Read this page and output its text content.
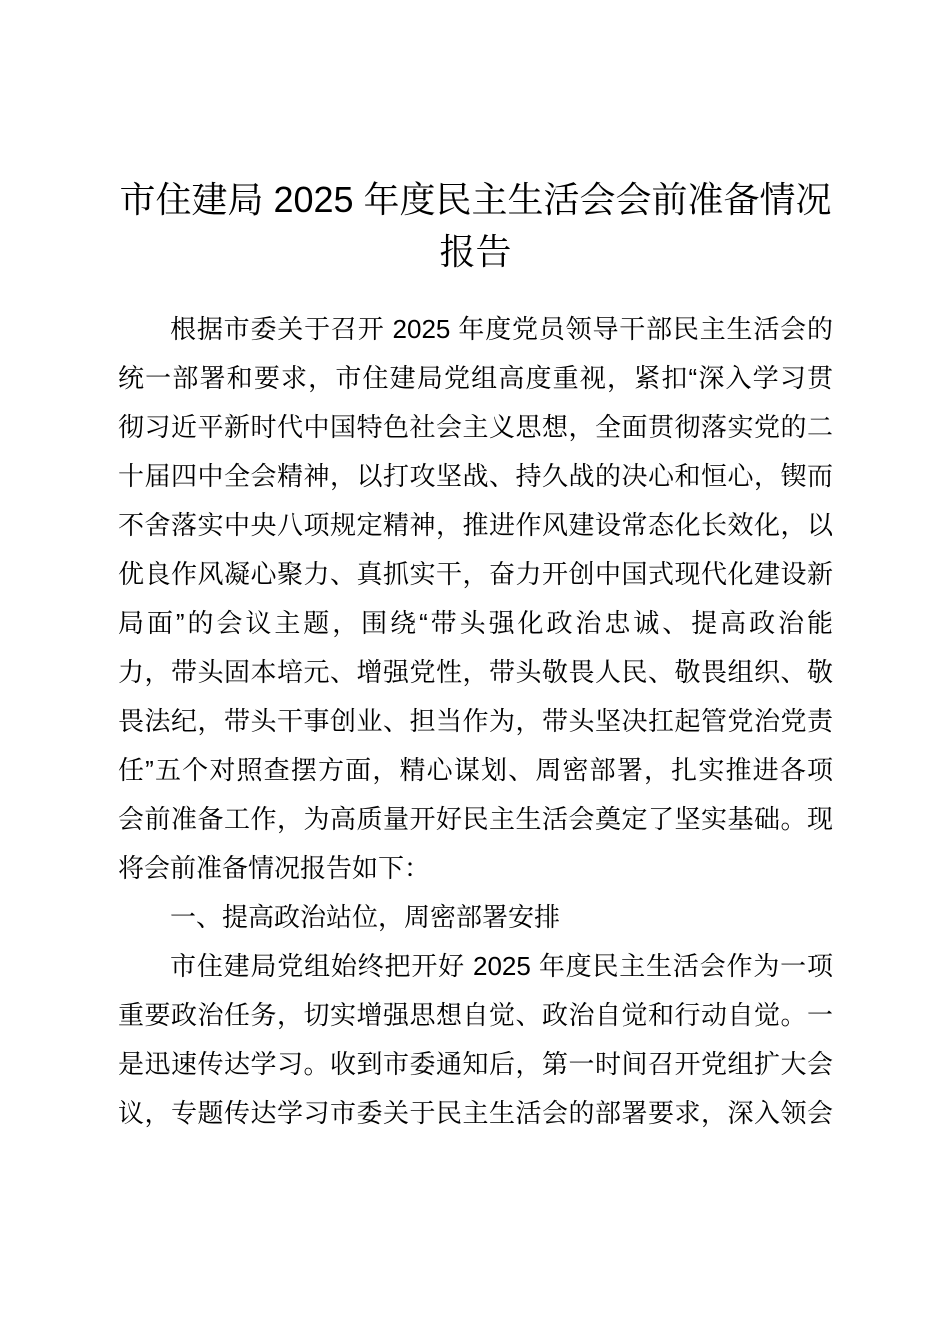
市住建局 2025 年度民主生活会会前准备情况
报告
根据市委关于召开 2025 年度党员领导干部民主生活会的
统一部署和要求，市住建局党组高度重视，紧扣“深入学习贯
彻习近平新时代中国特色社会主义思想，全面贯彻落实党的二
十届四中全会精神，以打攻坚战、持久战的决心和恒心，锲而
不舍落实中央八项规定精神，推进作风建设常态化长效化，以
优良作风凝心聚力、真抓实干，奋力开创中国式现代化建设新
局面”的会议主题，围绕“带头强化政治忠诚、提高政治能
力，带头固本培元、增强党性，带头敬畏人民、敬畏组织、敬
畏法纪，带头干事创业、担当作为，带头坚决扛起管党治党责
任”五个对照查摆方面，精心谋划、周密部署，扎实推进各项
会前准备工作，为高质量开好民主生活会奠定了坚实基础。现
将会前准备情况报告如下：
一、提高政治站位，周密部署安排
市住建局党组始终把开好 2025 年度民主生活会作为一项
重要政治任务，切实增强思想自觉、政治自觉和行动自觉。一
是迅速传达学习。收到市委通知后，第一时间召开党组扩大会
议，专题传达学习市委关于民主生活会的部署要求，深入领会
